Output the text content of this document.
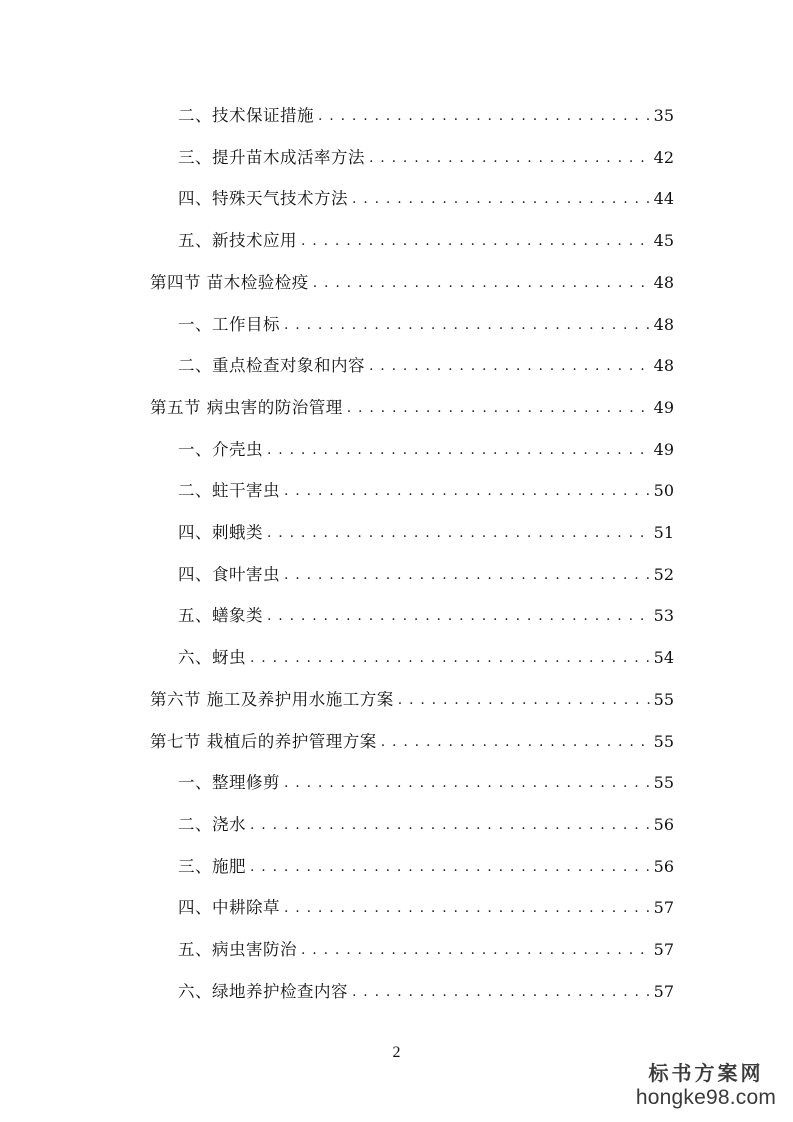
二、技术保证措施 . . .	35
三、提升苗木成活率方法 . . .	42
四、特殊天气技术方法 . . .	44
五、新技术应用 . . .	45
第四节 苗木检验检疫 . . .	48
一、工作目标 . . .	48
二、重点检查对象和内容 . . .	48
第五节 病虫害的防治管理 . . .	49
一、介壳虫 . . .	49
二、蛀干害虫 . . .	50
四、刺蛾类 . . .	51
四、食叶害虫 . . .	52
五、蟮象类 . . .	53
六、蚜虫 . . .	54
第六节 施工及养护用水施工方案 . . .	55
第七节 栽植后的养护管理方案 . . .	55
一、整理修剪 . . .	55
二、浇水 . . .	56
三、施肥 . . .	56
四、中耕除草 . . .	57
五、病虫害防治 . . .	57
六、绿地养护检查内容 . . .	57
2
标书方案网
hongke98.com
